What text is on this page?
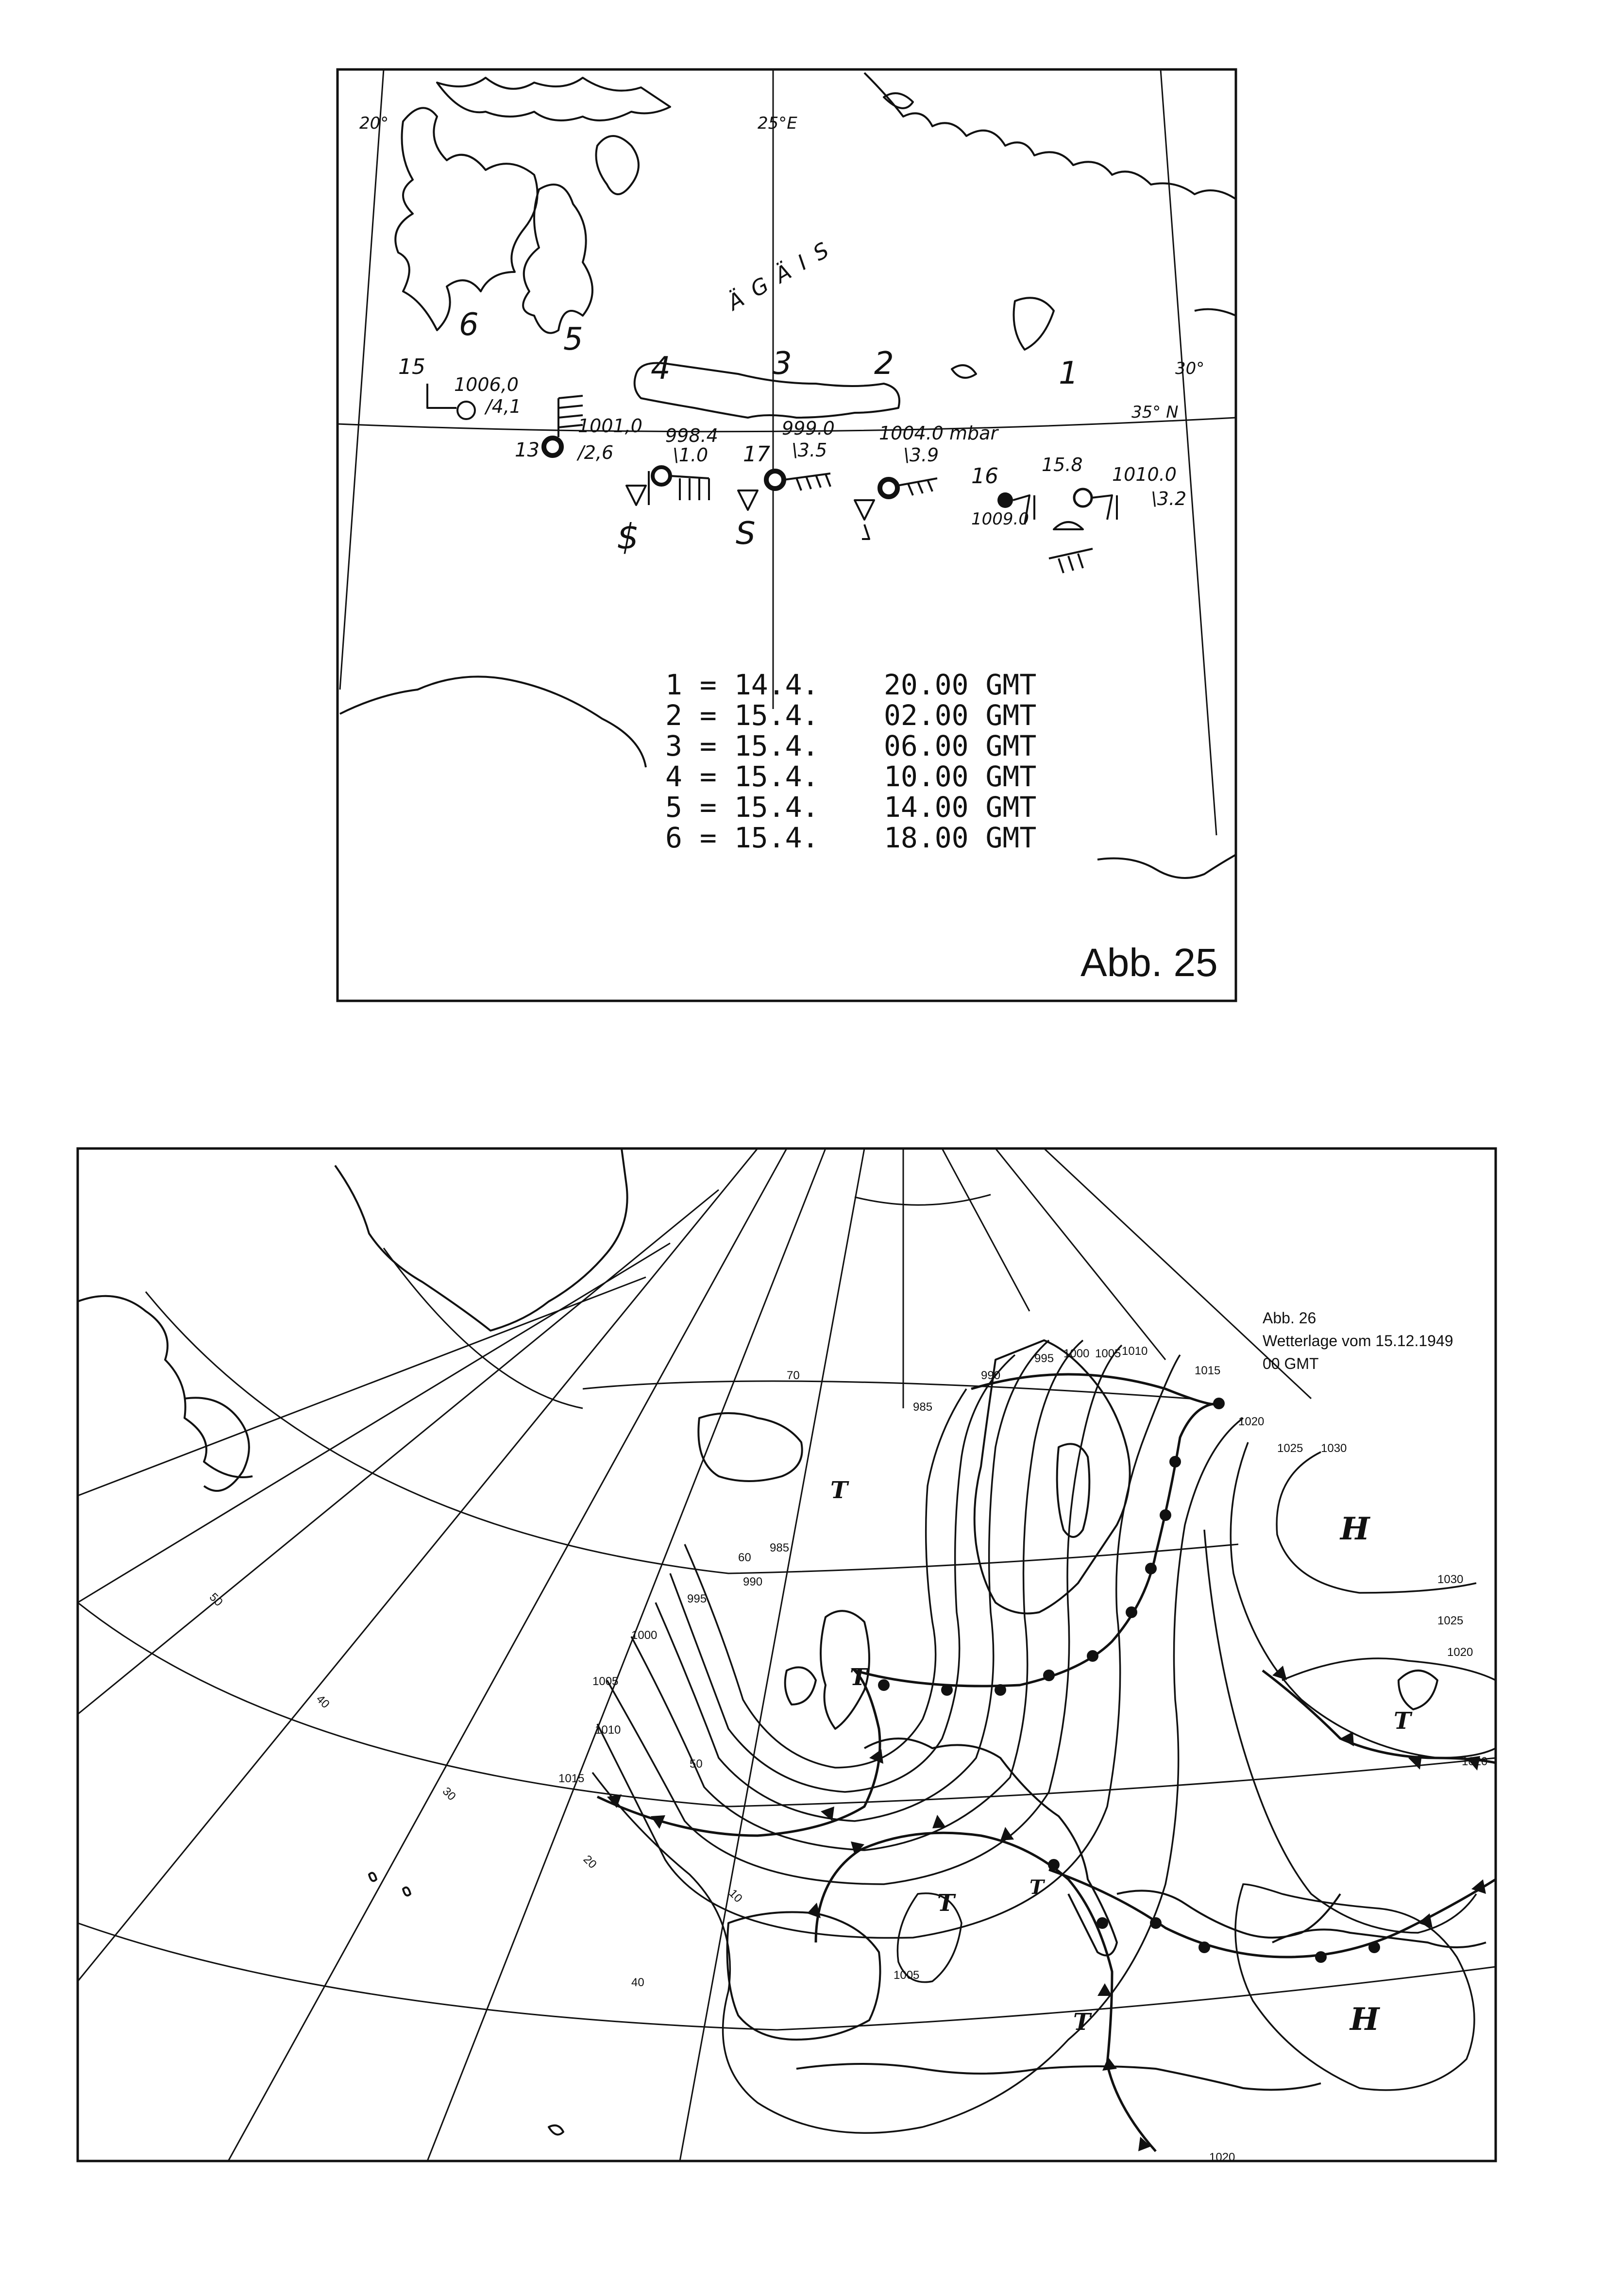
20°	25°E
30°
35° N
ÄGÄIS
6	5
4	3	2	1
15
1006,0
/4,1
13
1001,0
/2,6
998.4
\1.0
$
17
999.0
\3.5
S
1004.0 mbar
\3.9
16
1009.0
15.8 1010.0
\3.2
1 = 14.4. 20.00 GMT
2 = 15.4. 02.00 GMT
3 = 15.4. 06.00 GMT
4 = 15.4. 10.00 GMT
5 = 15.4. 14.00 GMT
6 = 15.4. 18.00 GMT
Abb. 25
995 1000 1005 1010
1015
1020
985
990
1025 1030
985
990
995
1000
1005
1010
1015
1030
1025
1020
1020
1005
1020
70
60
50
40
50
40
30
20
10
T
T
T
T
T
T
H
H
Abb. 26
Wetterlage vom 15.12.1949
00 GMT
